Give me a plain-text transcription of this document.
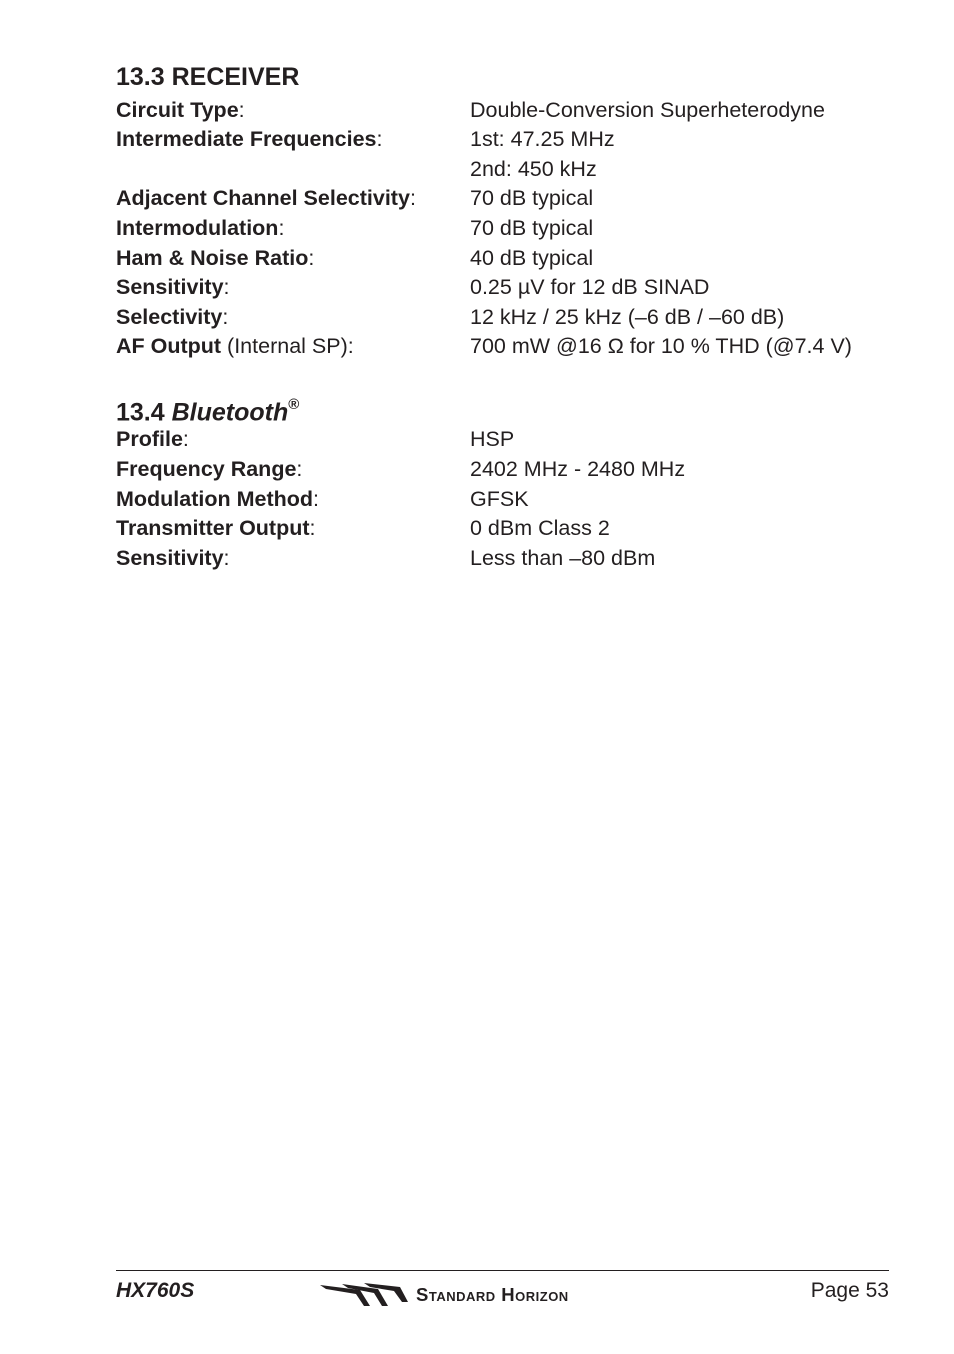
13.3 RECEIVER
Circuit Type:	Double-Conversion Superheterodyne
Intermediate Frequencies:	1st: 47.25 MHz
2nd: 450 kHz
Adjacent Channel Selectivity:	70 dB typical
Intermodulation:	70 dB typical
Ham & Noise Ratio:	40 dB typical
Sensitivity:	0.25 µV for 12 dB SINAD
Selectivity:	12 kHz / 25 kHz (–6 dB / –60 dB)
AF Output (Internal SP):	700 mW @16 Ω for 10 % THD (@7.4 V)
13.4 Bluetooth®
Profile:	HSP
Frequency Range:	2402 MHz - 2480 MHz
Modulation Method:	GFSK
Transmitter Output:	0 dBm Class 2
Sensitivity:	Less than –80 dBm
HX760S	Standard Horizon	Page 53
